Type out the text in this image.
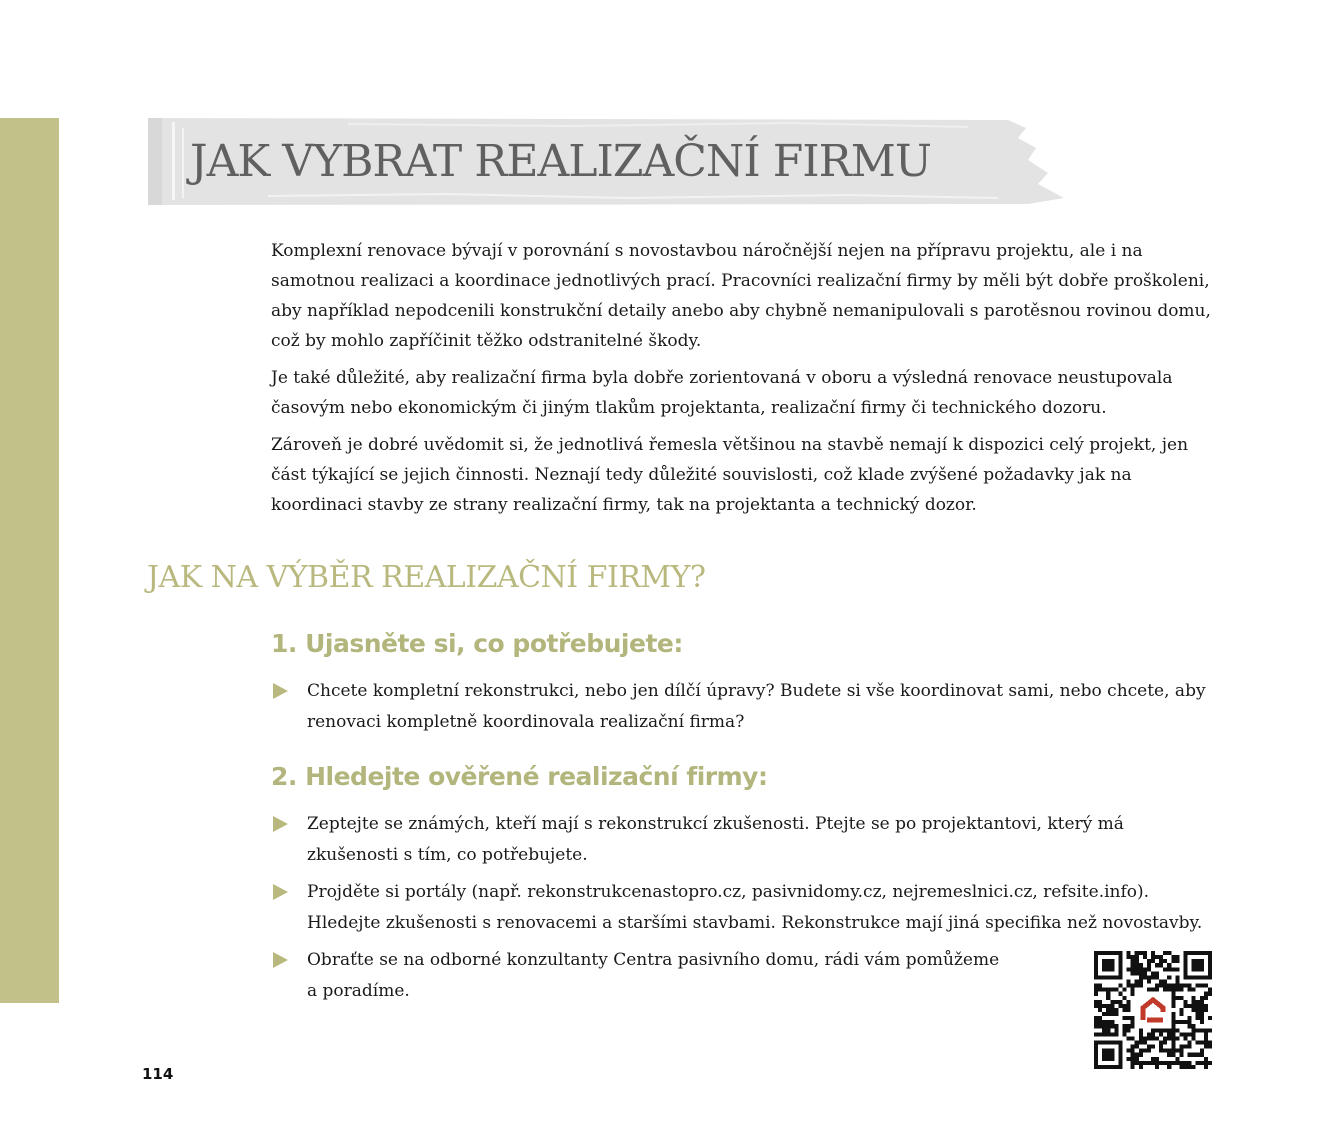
JAK VYBRAT REALIZAČNÍ FIRMU

Komplexní renovace bývají v porovnání s novostavbou náročnější nejen na přípravu projektu, ale i na samotnou realizaci a koordinace jednotlivých prací. Pracovníci realizační firmy by měli být dobře proškoleni, aby například nepodcenili konstrukční detaily anebo aby chybně nemanipulovali s parotěsnou rovinou domu, což by mohlo zapříčinit těžko odstranitelné škody.

Je také důležité, aby realizační firma byla dobře zorientovaná v oboru a výsledná renovace neustupovala časovým nebo ekonomickým či jiným tlakům projektanta, realizační firmy či technického dozoru.

Zároveň je dobré uvědomit si, že jednotlivá řemesla většinou na stavbě nemají k dispozici celý projekt, jen část týkající se jejich činnosti. Neznají tedy důležité souvislosti, což klade zvýšené požadavky jak na koordinaci stavby ze strany realizační firmy, tak na projektanta a technický dozor.

JAK NA VÝBĚR REALIZAČNÍ FIRMY?
1. Ujasněte si, co potřebujete:
Chcete kompletní rekonstrukci, nebo jen dílčí úpravy? Budete si vše koordinovat sami, nebo chcete, aby renovaci kompletně koordinovala realizační firma?
2. Hledejte ověřené realizační firmy:
Zeptejte se známých, kteří mají s rekonstrukcí zkušenosti. Ptejte se po projektantovi, který má zkušenosti s tím, co potřebujete.
Projděte si portály (např. rekonstrukcenastopro.cz, pasivnidomy.cz, nejremeslnici.cz, refsite.info). Hledejte zkušenosti s renovacemi a staršími stavbami. Rekonstrukce mají jiná specifika než novostavby.
Obraťte se na odborné konzultanty Centra pasivního domu, rádi vám pomůžeme a poradíme.
114
